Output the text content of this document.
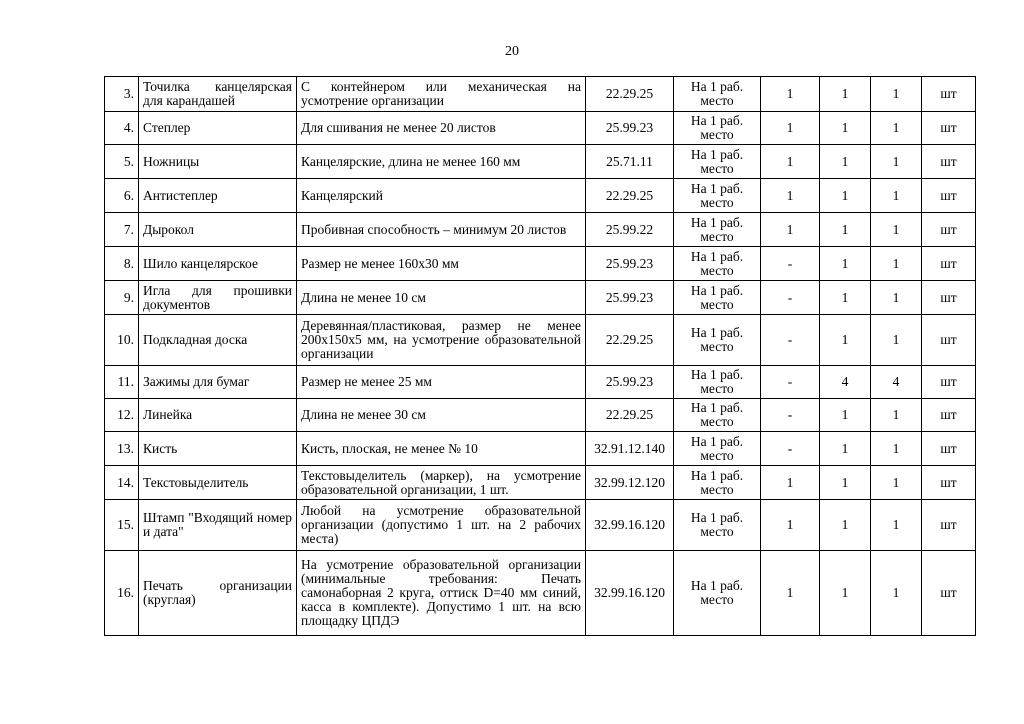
20
3.	Точилка канцелярская для карандашей	С контейнером или механическая на усмотрение организации	22.29.25	На 1 раб. место	1	1	1	шт
4.	Степлер	Для сшивания не менее 20 листов	25.99.23	На 1 раб. место	1	1	1	шт
5.	Ножницы	Канцелярские, длина не менее 160 мм	25.71.11	На 1 раб. место	1	1	1	шт
6.	Антистеплер	Канцелярский	22.29.25	На 1 раб. место	1	1	1	шт
7.	Дырокол	Пробивная способность – минимум 20 листов	25.99.22	На 1 раб. место	1	1	1	шт
8.	Шило канцелярское	Размер не менее 160х30 мм	25.99.23	На 1 раб. место	-	1	1	шт
9.	Игла для прошивки документов	Длина не менее 10 см	25.99.23	На 1 раб. место	-	1	1	шт
10.	Подкладная доска	Деревянная/пластиковая, размер не менее 200х150х5 мм, на усмотрение образовательной организации	22.29.25	На 1 раб. место	-	1	1	шт
11.	Зажимы для бумаг	Размер не менее 25 мм	25.99.23	На 1 раб. место	-	4	4	шт
12.	Линейка	Длина не менее 30 см	22.29.25	На 1 раб. место	-	1	1	шт
13.	Кисть	Кисть, плоская, не менее № 10	32.91.12.140	На 1 раб. место	-	1	1	шт
14.	Текстовыделитель	Текстовыделитель (маркер), на усмотрение образовательной организации, 1 шт.	32.99.12.120	На 1 раб. место	1	1	1	шт
15.	Штамп "Входящий номер и дата"	Любой на усмотрение образовательной организации (допустимо 1 шт. на 2 рабочих места)	32.99.16.120	На 1 раб. место	1	1	1	шт
16.	Печать организации (круглая)	На усмотрение образовательной организации (минимальные требования: Печать самонаборная 2 круга, оттиск D=40 мм синий, касса в комплекте). Допустимо 1 шт. на всю площадку ЦПДЭ	32.99.16.120	На 1 раб. место	1	1	1	шт
